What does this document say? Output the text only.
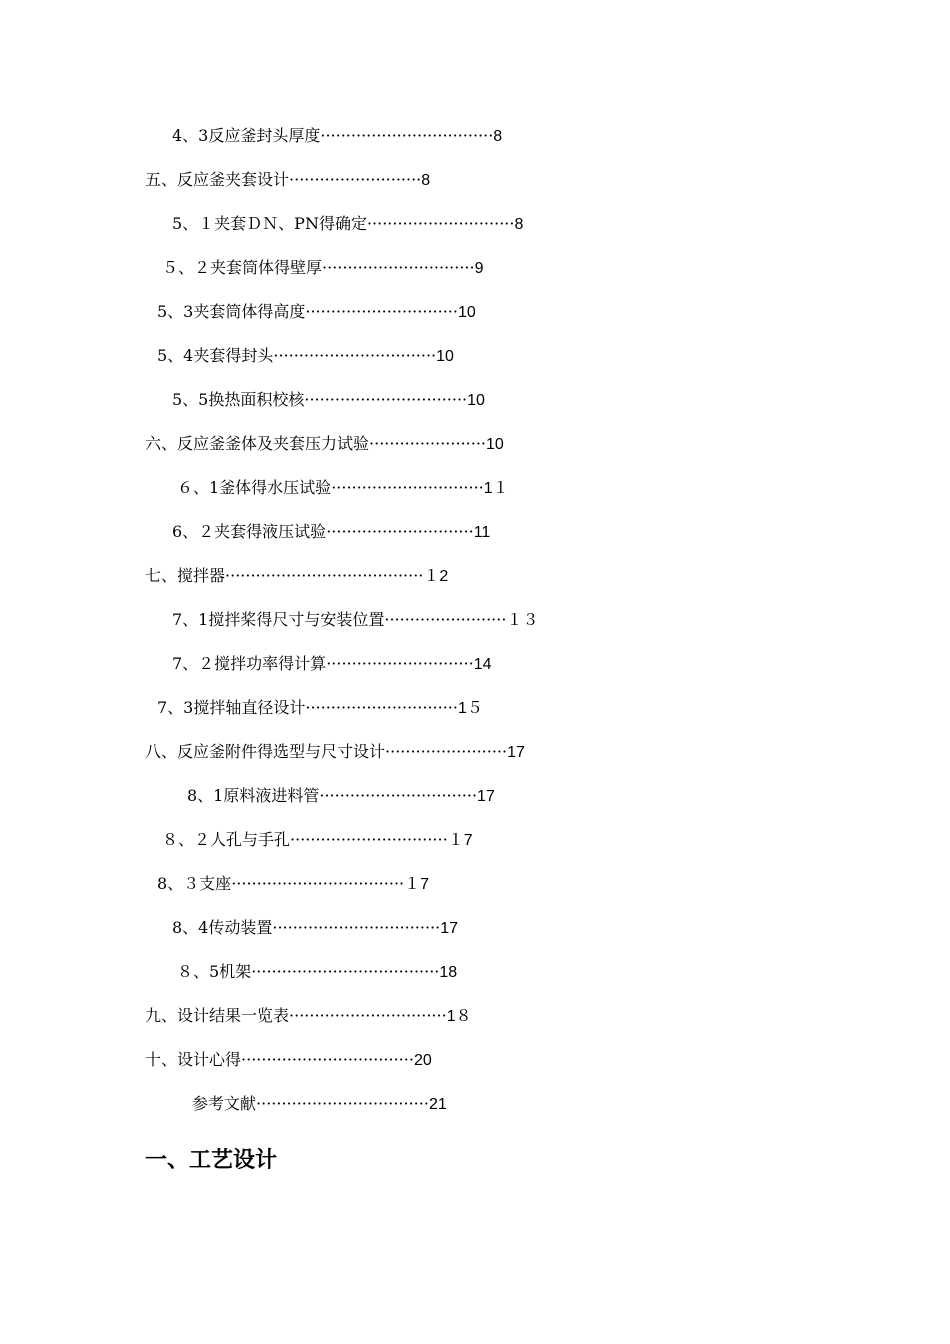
4、3反应釜封头厚度··································8
五、反应釜夹套设计··························8
5、１夹套ＤＮ、PN得确定·····························8
５、２夹套筒体得壁厚······························9
5、3夹套筒体得高度······························10
5、4夹套得封头································10
5、5换热面积校核································10
六、反应釜釜体及夹套压力试验·······················10
６、1釜体得水压试验······························1１
6、２夹套得液压试验·····························11
七、搅拌器·······································１2
7、1搅拌桨得尺寸与安装位置························１３
7、２搅拌功率得计算·····························14
7、3搅拌轴直径设计······························1５
八、反应釜附件得选型与尺寸设计························17
8、1原料液进料管·······························17
８、２人孔与手孔·······························１7
8、３支座··································１7
8、4传动装置·································17
８、5机架·····································18
九、设计结果一览表·······························1８
十、设计心得··································20
参考文献··································21
一、工艺设计
